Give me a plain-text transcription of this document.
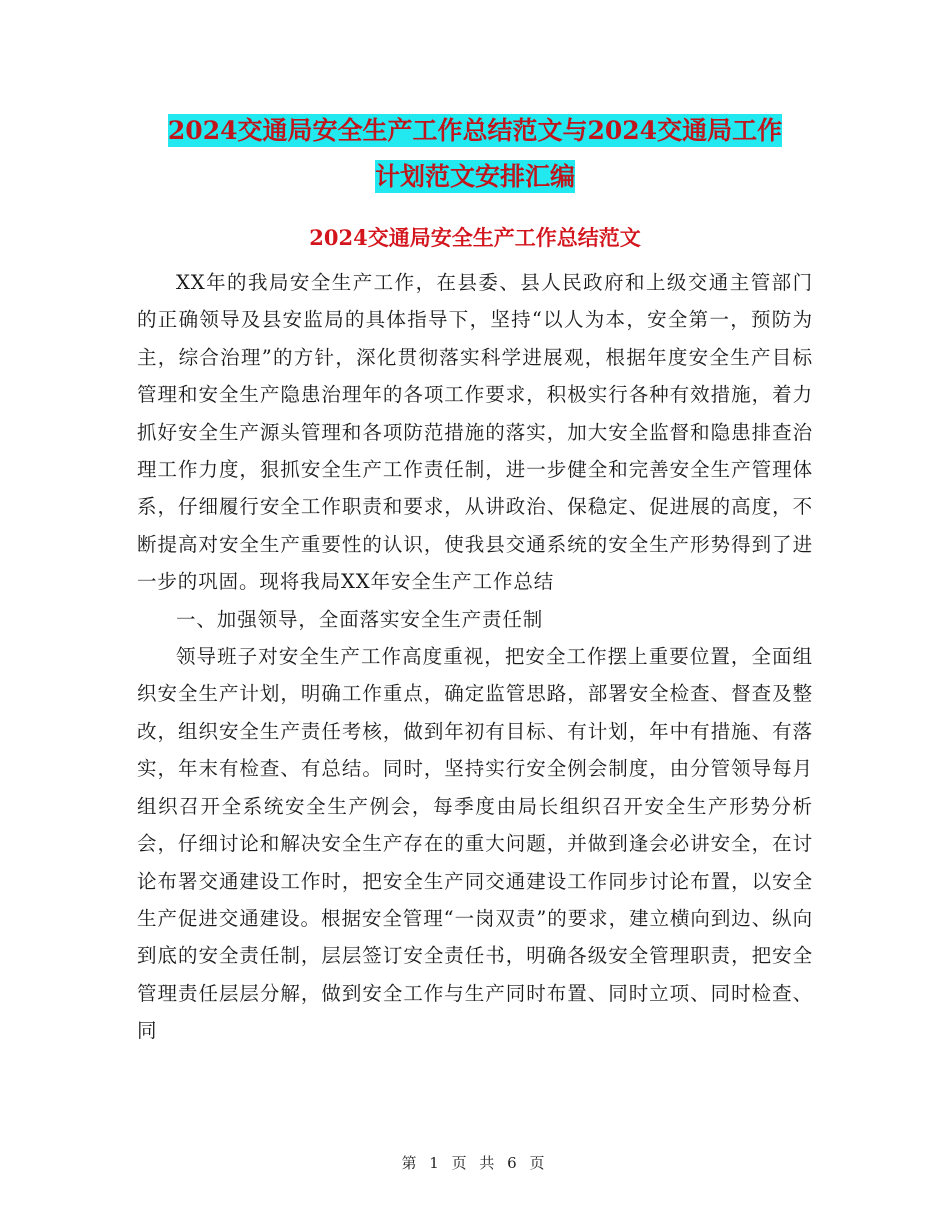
2024交通局安全生产工作总结范文与2024交通局工作
计划范文安排汇编
2024交通局安全生产工作总结范文

XX年的我局安全生产工作，在县委、县人民政府和上级交通主管部门的正确领导及县安监局的具体指导下，坚持“以人为本，安全第一，预防为主，综合治理”的方针，深化贯彻落实科学进展观，根据年度安全生产目标管理和安全生产隐患治理年的各项工作要求，积极实行各种有效措施，着力抓好安全生产源头管理和各项防范措施的落实，加大安全监督和隐患排查治理工作力度，狠抓安全生产工作责任制，进一步健全和完善安全生产管理体系，仔细履行安全工作职责和要求，从讲政治、保稳定、促进展的高度，不断提高对安全生产重要性的认识，使我县交通系统的安全生产形势得到了进一步的巩固。现将我局XX年安全生产工作总结

一、加强领导，全面落实安全生产责任制

领导班子对安全生产工作高度重视，把安全工作摆上重要位置，全面组织安全生产计划，明确工作重点，确定监管思路，部署安全检查、督查及整改，组织安全生产责任考核，做到年初有目标、有计划，年中有措施、有落实，年末有检查、有总结。同时，坚持实行安全例会制度，由分管领导每月组织召开全系统安全生产例会，每季度由局长组织召开安全生产形势分析会，仔细讨论和解决安全生产存在的重大问题，并做到逢会必讲安全，在讨论布署交通建设工作时，把安全生产同交通建设工作同步讨论布置，以安全生产促进交通建设。根据安全管理“一岗双责”的要求，建立横向到边、纵向到底的安全责任制，层层签订安全责任书，明确各级安全管理职责，把安全管理责任层层分解，做到安全工作与生产同时布置、同时立项、同时检查、同

第 1 页 共 6 页
